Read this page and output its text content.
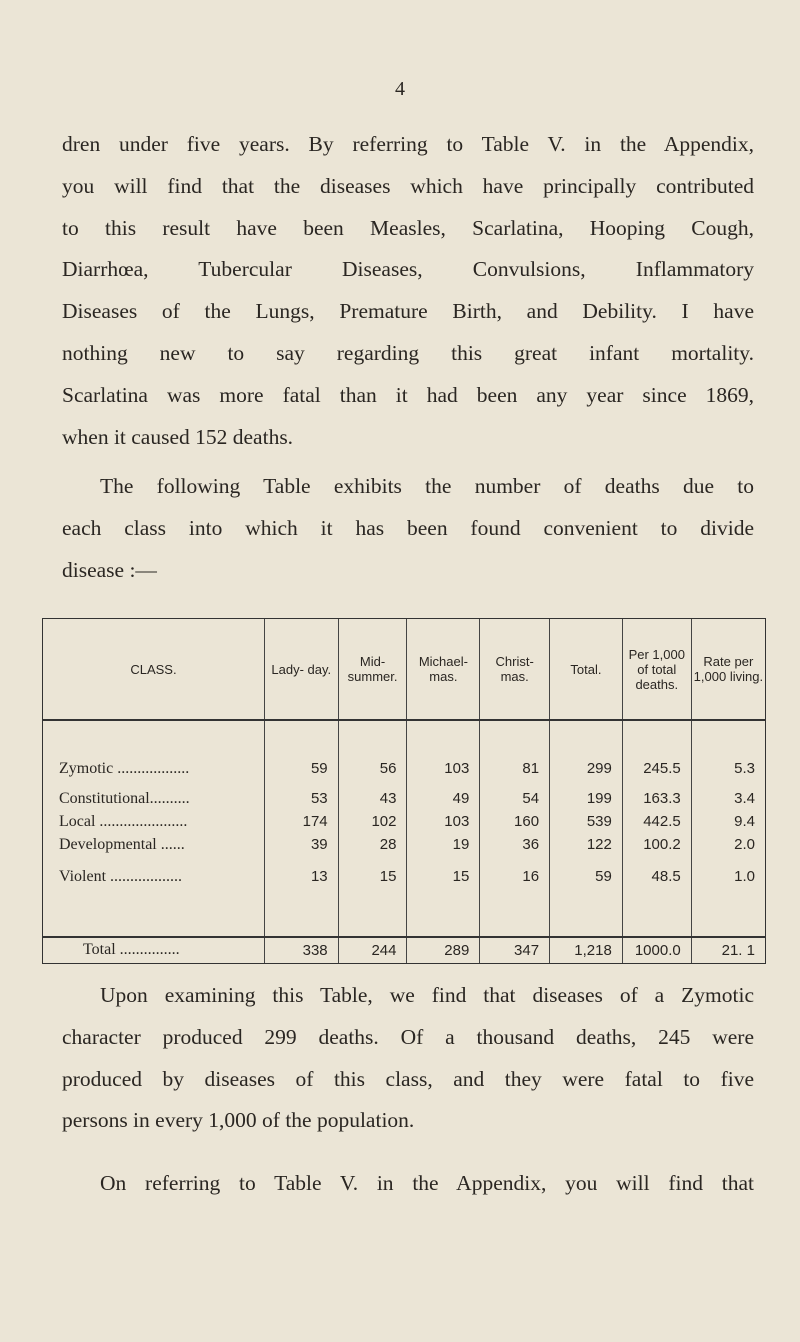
4
dren under five years. By referring to Table V. in the Appendix,
you will find that the diseases which have principally contributed
to this result have been Measles, Scarlatina, Hooping Cough,
Diarrhœa, Tubercular Diseases, Convulsions, Inflammatory
Diseases of the Lungs, Premature Birth, and Debility. I have
nothing new to say regarding this great infant mortality.
Scarlatina was more fatal than it had been any year since 1869,
when it caused 152 deaths.
The following Table exhibits the number of deaths due to
each class into which it has been found convenient to divide
disease :—
CLASS.	Lady- day.	Mid- summer.	Michael- mas.	Christ- mas.	Total.	Per 1,000 of total deaths.	Rate per 1,000 living.
Zymotic ..................	59	56	103	81	299	245.5	5.3
Constitutional..........	53	43	49	54	199	163.3	3.4
Local ......................	174	102	103	160	539	442.5	9.4
Developmental ......	39	28	19	36	122	100.2	2.0
Violent ..................	13	15	15	16	59	48.5	1.0
Total ...............	338	244	289	347	1,218	1000.0	21. 1
Upon examining this Table, we find that diseases of a Zymotic
character produced 299 deaths. Of a thousand deaths, 245 were
produced by diseases of this class, and they were fatal to five
persons in every 1,000 of the population.
On referring to Table V. in the Appendix, you will find that
